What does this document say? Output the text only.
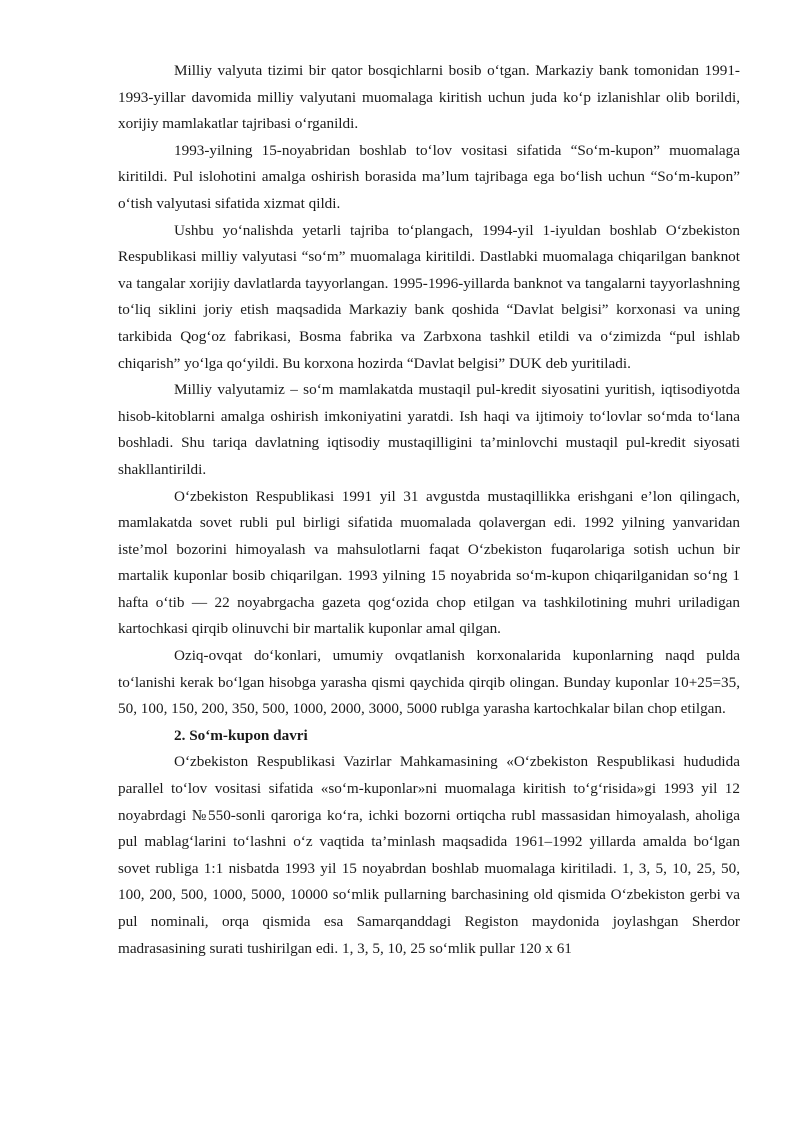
Milliy valyuta tizimi bir qator bosqichlarni bosib o‘tgan. Markaziy bank tomonidan 1991-1993-yillar davomida milliy valyutani muomalaga kiritish uchun juda ko‘p izlanishlar olib borildi, xorijiy mamlakatlar tajribasi o‘rganildi.

1993-yilning 15-noyabridan boshlab to‘lov vositasi sifatida “So‘m-kupon” muomalaga kiritildi. Pul islohotini amalga oshirish borasida ma’lum tajribaga ega bo‘lish uchun “So‘m-kupon” o‘tish valyutasi sifatida xizmat qildi.

Ushbu yo‘nalishda yetarli tajriba to‘plangach, 1994-yil 1-iyuldan boshlab O‘zbekiston Respublikasi milliy valyutasi “so‘m” muomalaga kiritildi. Dastlabki muomalaga chiqarilgan banknot va tangalar xorijiy davlatlarda tayyorlangan. 1995-1996-yillarda banknot va tangalarni tayyorlashning to‘liq siklini joriy etish maqsadida Markaziy bank qoshida “Davlat belgisi” korxonasi va uning tarkibida Qog‘oz fabrikasi, Bosma fabrika va Zarbxona tashkil etildi va o‘zimizda “pul ishlab chiqarish” yo‘lga qo‘yildi. Bu korxona hozirda “Davlat belgisi” DUK deb yuritiladi.

Milliy valyutamiz – so‘m mamlakatda mustaqil pul-kredit siyosatini yuritish, iqtisodiyotda hisob-kitoblarni amalga oshirish imkoniyatini yaratdi. Ish haqi va ijtimoiy to‘lovlar so‘mda to‘lana boshladi. Shu tariqa davlatning iqtisodiy mustaqilligini ta’minlovchi mustaqil pul-kredit siyosati shakllantirildi.

O‘zbekiston Respublikasi 1991 yil 31 avgustda mustaqillikka erishgani e’lon qilingach, mamlakatda sovet rubli pul birligi sifatida muomalada qolavergan edi. 1992 yilning yanvaridan iste’mol bozorini himoyalash va mahsulotlarni faqat O‘zbekiston fuqarolariga sotish uchun bir martalik kuponlar bosib chiqarilgan. 1993 yilning 15 noyabrida so‘m-kupon chiqarilganidan so‘ng 1 hafta o‘tib — 22 noyabrgacha gazeta qog‘ozida chop etilgan va tashkilotining muhri uriladigan kartochkasi qirqib olinuvchi bir martalik kuponlar amal qilgan.

Oziq-ovqat do‘konlari, umumiy ovqatlanish korxonalarida kuponlarning naqd pulda to‘lanishi kerak bo‘lgan hisobga yarasha qismi qaychida qirqib olingan. Bunday kuponlar 10+25=35, 50, 100, 150, 200, 350, 500, 1000, 2000, 3000, 5000 rublga yarasha kartochkalar bilan chop etilgan.

2. So‘m-kupon davri

O‘zbekiston Respublikasi Vazirlar Mahkamasining «O‘zbekiston Respublikasi hududida parallel to‘lov vositasi sifatida «so‘m-kuponlar»ni muomalaga kiritish to‘g‘risida»gi 1993 yil 12 noyabrdagi №550-sonli qaroriga ko‘ra, ichki bozorni ortiqcha rubl massasidan himoyalash, aholiga pul mablag‘larini to‘lashni o‘z vaqtida ta’minlash maqsadida 1961–1992 yillarda amalda bo‘lgan sovet rubliga 1:1 nisbatda 1993 yil 15 noyabrdan boshlab muomalaga kiritiladi. 1, 3, 5, 10, 25, 50, 100, 200, 500, 1000, 5000, 10000 so‘mlik pullarning barchasining old qismida O‘zbekiston gerbi va pul nominali, orqa qismida esa Samarqanddagi Registon maydonida joylashgan Sherdor madrasasining surati tushirilgan edi. 1, 3, 5, 10, 25 so‘mlik pullar 120 x 61
